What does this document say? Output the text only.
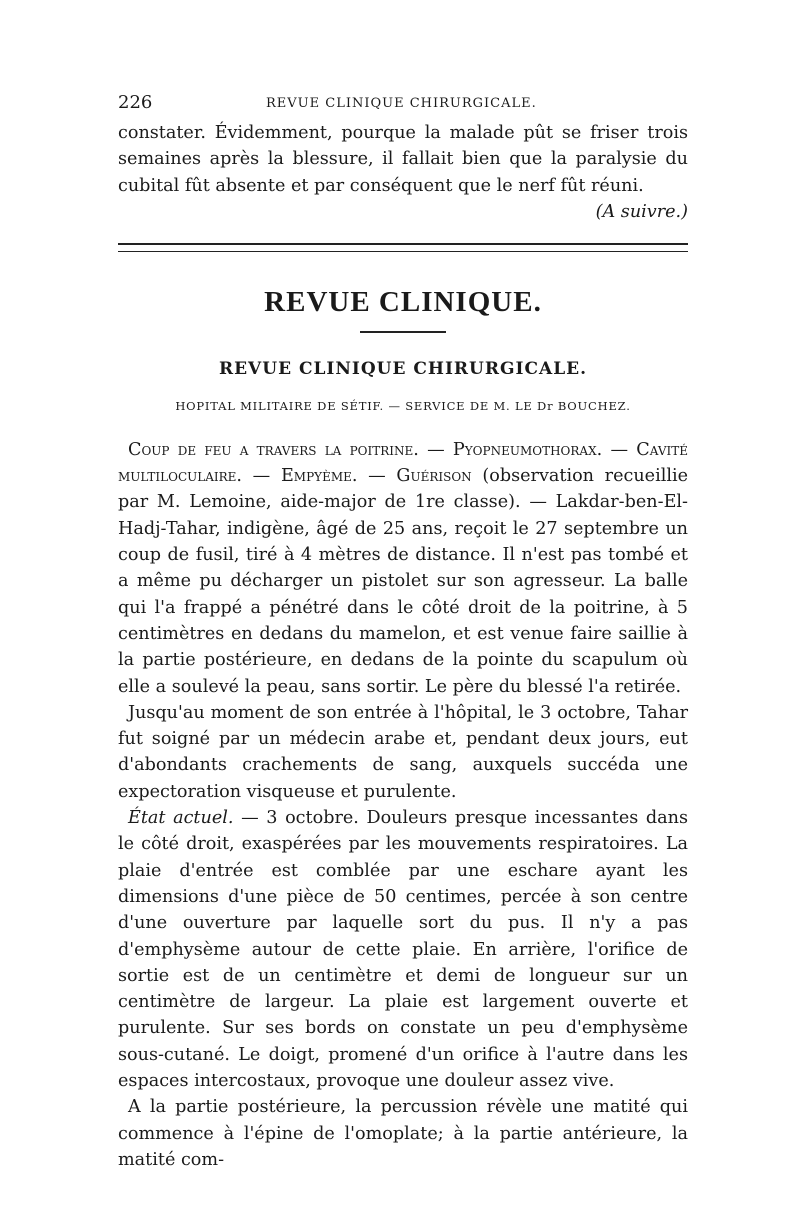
226	REVUE CLINIQUE CHIRURGICALE.

constater. Évidemment, pourque la malade pût se friser trois semaines après la blessure, il fallait bien que la paralysie du cubital fût absente et par conséquent que le nerf fût réuni.

(A suivre.)

REVUE CLINIQUE.
REVUE CLINIQUE CHIRURGICALE.
HOPITAL MILITAIRE DE SÉTIF. — SERVICE DE M. LE Dr BOUCHEZ.

Coup de feu a travers la poitrine. — Pyopneumothorax. — Cavité multiloculaire. — Empyème. — Guérison (observation recueillie par M. Lemoine, aide-major de 1re classe). — Lakdar-ben-El-Hadj-Tahar, indigène, âgé de 25 ans, reçoit le 27 septembre un coup de fusil, tiré à 4 mètres de distance. Il n'est pas tombé et a même pu décharger un pistolet sur son agresseur. La balle qui l'a frappé a pénétré dans le côté droit de la poitrine, à 5 centimètres en dedans du mamelon, et est venue faire saillie à la partie postérieure, en dedans de la pointe du scapulum où elle a soulevé la peau, sans sortir. Le père du blessé l'a retirée.

Jusqu'au moment de son entrée à l'hôpital, le 3 octobre, Tahar fut soigné par un médecin arabe et, pendant deux jours, eut d'abondants crachements de sang, auxquels succéda une expectoration visqueuse et purulente.

État actuel. — 3 octobre. Douleurs presque incessantes dans le côté droit, exaspérées par les mouvements respiratoires. La plaie d'entrée est comblée par une eschare ayant les dimensions d'une pièce de 50 centimes, percée à son centre d'une ouverture par laquelle sort du pus. Il n'y a pas d'emphysème autour de cette plaie. En arrière, l'orifice de sortie est de un centimètre et demi de longueur sur un centimètre de largeur. La plaie est largement ouverte et purulente. Sur ses bords on constate un peu d'emphysème sous-cutané. Le doigt, promené d'un orifice à l'autre dans les espaces intercostaux, provoque une douleur assez vive.

A la partie postérieure, la percussion révèle une matité qui commence à l'épine de l'omoplate; à la partie antérieure, la matité com-
